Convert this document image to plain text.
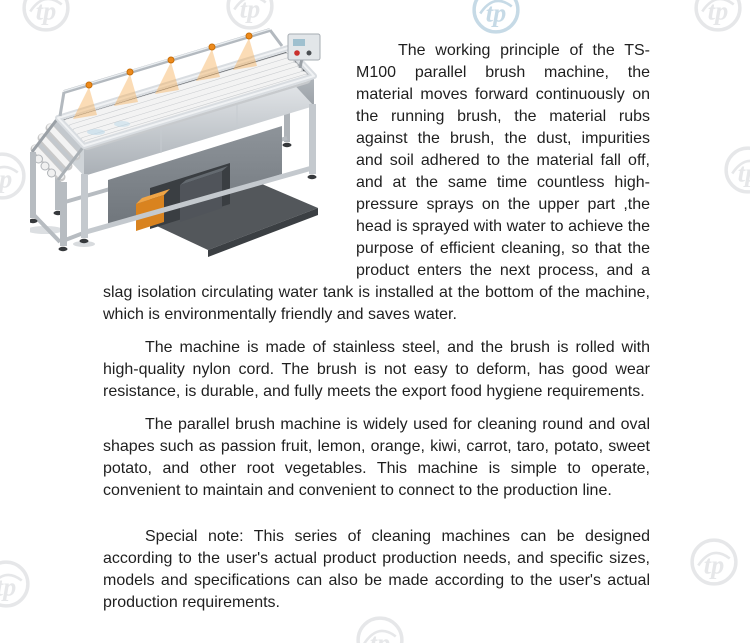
The working principle of the TS-M100 parallel brush machine, the material moves forward continuously on the running brush, the material rubs against the brush, the dust, impurities and soil adhered to the material fall off, and at the same time countless high-pressure sprays on the upper part ,the head is sprayed with water to achieve the purpose of efficient cleaning, so that the product enters the next process, and a slag isolation circulating water tank is installed at the bottom of the machine, which is environmentally friendly and saves water.

The machine is made of stainless steel, and the brush is rolled with high-quality nylon cord. The brush is not easy to deform, has good wear resistance, is durable, and fully meets the export food hygiene requirements.

The parallel brush machine is widely used for cleaning round and oval shapes such as passion fruit, lemon, orange, kiwi, carrot, taro, potato, sweet potato, and other root vegetables. This machine is simple to operate, convenient to maintain and convenient to connect to the production line.

Special note: This series of cleaning machines can be designed according to the user's actual product production needs, and specific sizes, models and specifications can also be made according to the user's actual production requirements.
